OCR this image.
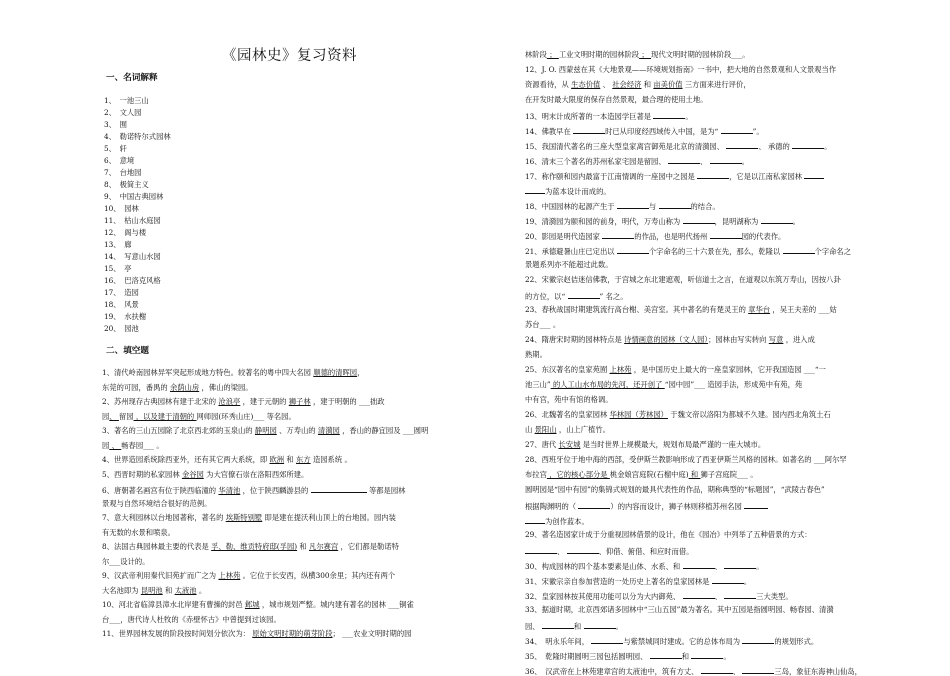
《园林史》复习资料
一、名词解释
1、　一池三山
2、　文人园
3、　囿
4、　勒诺特尔式园林
5、　轩
6、　意境
7、　台地园
8、　极简主义
9、　中国古典园林
10、　园林
11、　枯山水庭园
12、　阁与楼
13、　廊
14、　写意山水园
15、　亭
16、　巴洛克风格
17、　造园
18、　风景
19、　水扶榭
20、　园池
二、填空题
1、清代岭南园林异军突起形成地方特色。较著名的粤中四大名园 顺德的清晖园，
东莞的可园，番禺的 余荫山房 ，佛山的梁园。
2、苏州现存古典园林有建于北宋的 沧浪亭 ，建于元朝的 狮子林 ，建于明朝的 ___拙政
园、 留园 ，以及建于清朝的 网师园(环秀山庄)___ 等名园。
3、著名的三山五园除了北京西北郊的玉泉山的 静明园 、万寿山的 清漪园 ，香山的静宜园及 ___圆明
园 、 畅春园___ 。
4、世界造园系统除西亚外，还有其它两大系统，即 欧洲 和 东方 造园系统 。
5、西晋时期的私家园林 金谷园 为大官僚石崇在洛阳西郊所建。
6、唐朝著名画宫有位于陕西临潼的 华清池 ，位于陕西麟游县的	等都是园林
景观与自然环境结合很好的范例。
7、意大利园林以台地园著称，著名的 埃斯特别墅 即是建在提沃利山顶上的台地园。园内装
有无数的水景和喷泉。
8、法国古典园林最主要的代表是 孚、勒、维贡特府邸(孚园) 和 凡尔赛宫 ，它们都是勒诺特
尔___设计的。
9、汉武帝利用秦代旧苑扩而广之为 上林苑 。它位于长安西，纵横300余里；其内还有两个
大名池即为 昆明池 和 太液池 。
10、河北省临漳县漳水北岸建有曹操的封邑 邺城 ，城市规划严整。城内建有著名的园林 ___铜雀
台___，唐代诗人杜牧的《赤壁怀古》中曾提到过该园。
11、世界园林发展的阶段按时间划分依次为： 原始文明时期的萌芽阶段； ___农业文明时期的园
林阶段 ； 工业文明时期的园林阶段 ； 现代文明时期的园林阶段___。
12、J. O. 西蒙兹在其《大地景观——环境规划指南》一书中，把大地的自然景观和人文景观当作
资源看待，从 生态价值 、 社会经济 和 亩美价值 三方面来进行评价，
在开发时最大限度的保存自然景观，最合理的使用土地。
13、明末计成所著的一本造园学巨著是	。
14、佛教早在	时已从印度经西域传入中国，是为“	”。
15、我国清代著名的三座大型皇家离宫御苑是北京的清漪园、	、 承德的	。
16、清末三个著名的苏州私家宅园是留园、	、	。
17、称作颐和园内最富于江南情调的一座园中之园是	，它是以江南私家园林
为蓝本设计而成的。
18、中国园林的起源产生于	与	的结合。
19、清漪园为颐和园的前身，明代，万寿山称为	，昆明湖称为	。
20、影园是明代造园家	的作品，也是明代扬州	园的代表作。
21、承德避暑山庄已定出以	个字命名的三十六景在先，那么，乾隆以	个字命名之
景题系列亦不能超过此数。
22、宋徽宗赵佶迷信佛教，于宫城之东北建遮观，听信道士之言，在道观以东筑万寿山，因按八卦
的方位，以“	” 名之。
23、春秋战国时期建筑流行高台榭、美宫室。其中著名的有楚灵王的 章华台 ，吴王夫差的 ___姑
苏台___ 。
24、隋唐宋时期的园林特点是 诗情画意的园林（文人园）；园林由写实转向 写意 ，进入成
熟期。
25、东汉著名的皇家苑囿 上林苑 ，是中国历史上最大的一座皇家园林，它开我国造园 ___“一
池三山” 的人工山水布局的先河，还开创了 “园中园”___ 造园手法，形成苑中有苑，苑
中有宫，苑中有馆的格调。
26、北魏著名的皇家园林 华林园（芳林园） 于魏文帝以洛阳为都城不久建。园内西北角筑土石
山 景阳山 ，山上广植竹。
27、唐代 长安城 是当时世界上规模最大，规划布局最严谨的一座大城市。
28、西班牙位于地中海的西部，受伊斯兰教影响形成了西亚伊斯兰风格的园林。如著名的 ___阿尔罕
布拉宫 ，它的核心部分是 桃金娘宫庭院(石榴中庭) 和 狮子宫庭院___ 。
圆明园是“园中有园”的集锦式规划的最具代表性的作品，期称典型的“标题园”，“武陵古春色”
根据陶渊明的（	）的内容而设计，狮子林则移植苏州名园
为创作蓝本。
29、著名造园家计成于分重视园林借景的设计，他在《园冶》中列举了五种借景的方式：
、	、仰借、俯借、和应时而借。
30、构成园林的四个基本要素是山体、水系、和	、	。
31、宋徽宗亲自参加营造的一处历史上著名的皇家园林是	。
32、皇家园林按其使用功能可以分为大内御苑、	、	三大类型。
33、据道时期，北京西郊诸多园林中“三山五园”最为著名。其中五园是指圆明园、畅春园、清漪
园、	和	。
34、　明永乐年间，	与紫禁城同时建成。它的总体布局为	的规划形式。
35、　乾隆时期圆明三园包括圆明园、	和	。
36、　汉武帝在上林苑建章宫的太液池中，筑有方丈、	、	三岛，象征东海神山仙岛，
